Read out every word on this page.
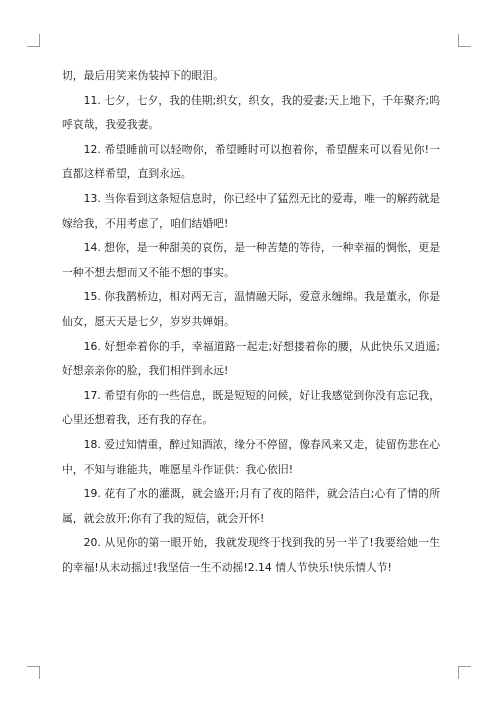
切，最后用笑来伪装掉下的眼泪。

11. 七夕，七夕，我的佳期;织女，织女，我的爱妻;天上地下，千年聚齐;呜呼哀哉，我爱我妻。

12. 希望睡前可以轻吻你，希望睡时可以抱着你，希望醒来可以看见你!一直都这样希望，直到永远。

13. 当你看到这条短信息时，你已经中了猛烈无比的爱毒，唯一的解药就是嫁给我，不用考虑了，咱们结婚吧!

14. 想你，是一种甜美的哀伤，是一种苦楚的等待，一种幸福的惆怅，更是一种不想去想而又不能不想的事实。

15. 你我鹊桥边，相对两无言，温情融天际，爱意永缠绵。我是董永，你是仙女，愿天天是七夕，岁岁共婵娟。

16. 好想牵着你的手，幸福道路一起走;好想搂着你的腰，从此快乐又逍遥;好想亲亲你的脸，我们相伴到永远!

17. 希望有你的一些信息，既是短短的问候，好让我感觉到你没有忘记我，心里还想着我，还有我的存在。

18. 爱过知情重，醉过知酒浓，缘分不停留，像春风来又走，徒留伤悲在心中，不知与谁能共，唯愿星斗作证供：我心依旧!

19. 花有了水的灌溉，就会盛开;月有了夜的陪伴，就会洁白;心有了情的所属，就会放开;你有了我的短信，就会开怀!

20. 从见你的第一眼开始，我就发现终于找到我的另一半了!我要给她一生的幸福!从未动摇过!我坚信一生不动摇!2.14 情人节快乐!快乐情人节!
